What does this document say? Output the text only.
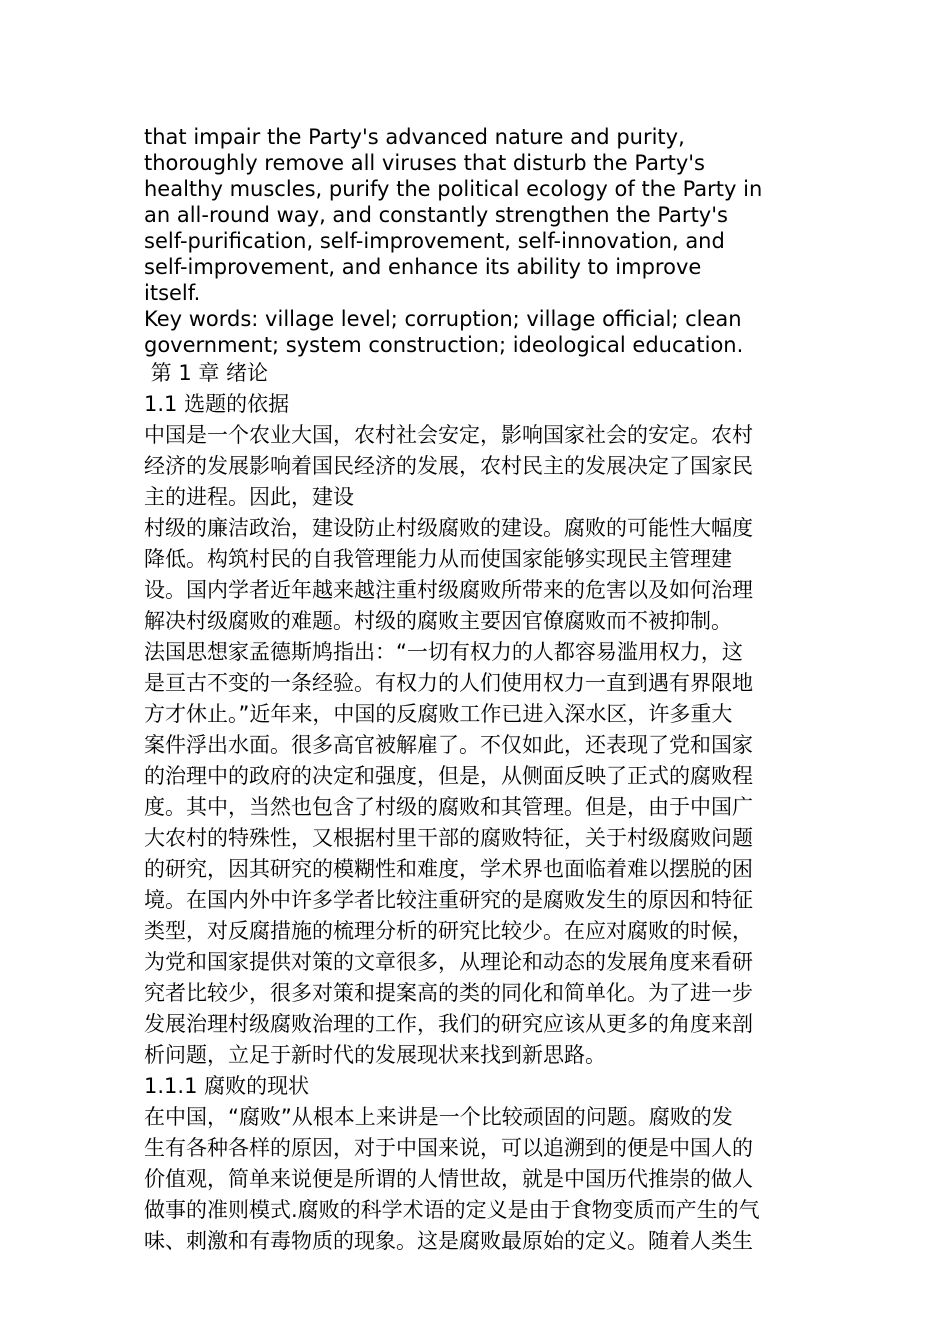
that impair the Party's advanced nature and purity,

thoroughly remove all viruses that disturb the Party's

healthy muscles, purify the political ecology of the Party in

an all-round way, and constantly strengthen the Party's

self-purification, self-improvement, self-innovation, and

self-improvement, and enhance its ability to improve

itself.

Key words: village level; corruption; village official; clean

government; system construction; ideological education.

第 1 章 绪论

1.1 选题的依据

中国是一个农业大国，农村社会安定，影响国家社会的安定。农村

经济的发展影响着国民经济的发展，农村民主的发展决定了国家民

主的进程。因此，建设

村级的廉洁政治，建设防止村级腐败的建设。腐败的可能性大幅度

降低。构筑村民的自我管理能力从而使国家能够实现民主管理建

设。国内学者近年越来越注重村级腐败所带来的危害以及如何治理

解决村级腐败的难题。村级的腐败主要因官僚腐败而不被抑制。

法国思想家孟德斯鸠指出：“一切有权力的人都容易滥用权力，这

是亘古不变的一条经验。有权力的人们使用权力一直到遇有界限地

方才休止。”近年来，中国的反腐败工作已进入深水区，许多重大

案件浮出水面。很多高官被解雇了。不仅如此，还表现了党和国家

的治理中的政府的决定和强度，但是，从侧面反映了正式的腐败程

度。其中，当然也包含了村级的腐败和其管理。但是，由于中国广

大农村的特殊性，又根据村里干部的腐败特征，关于村级腐败问题

的研究，因其研究的模糊性和难度，学术界也面临着难以摆脱的困

境。在国内外中许多学者比较注重研究的是腐败发生的原因和特征

类型，对反腐措施的梳理分析的研究比较少。在应对腐败的时候，

为党和国家提供对策的文章很多，从理论和动态的发展角度来看研

究者比较少，很多对策和提案高的类的同化和简单化。为了进一步

发展治理村级腐败治理的工作，我们的研究应该从更多的角度来剖

析问题，立足于新时代的发展现状来找到新思路。

1.1.1 腐败的现状

在中国，“腐败”从根本上来讲是一个比较顽固的问题。腐败的发

生有各种各样的原因，对于中国来说，可以追溯到的便是中国人的

价值观，简单来说便是所谓的人情世故，就是中国历代推崇的做人

做事的准则模式.腐败的科学术语的定义是由于食物变质而产生的气

味、刺激和有毒物质的现象。这是腐败最原始的定义。随着人类生
